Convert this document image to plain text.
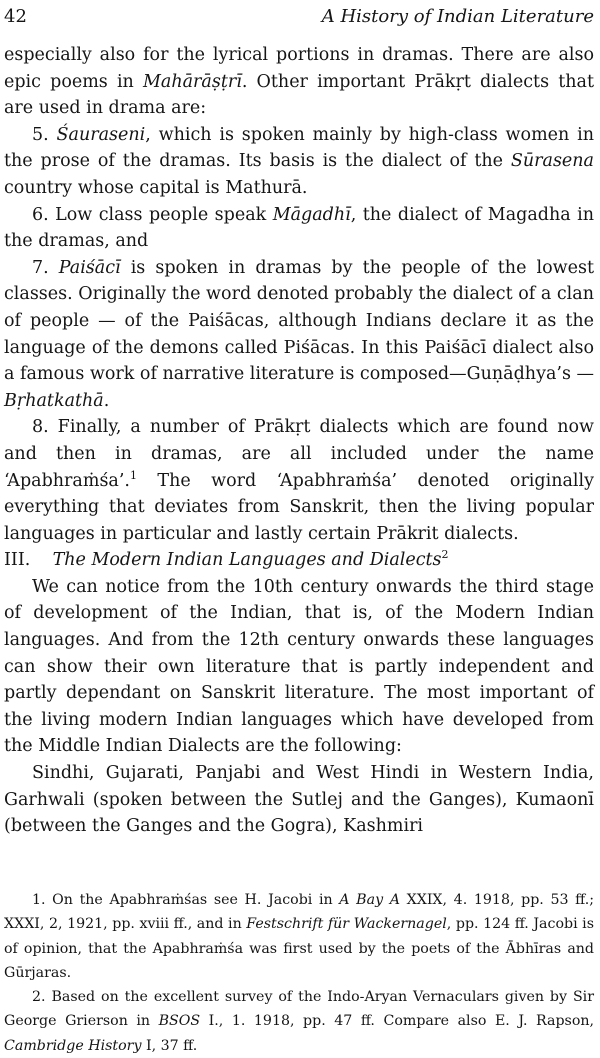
42	A History of Indian Literature

especially also for the lyrical portions in dramas. There are also epic poems in Mahārāṣṭrī. Other important Prākṛt dialects that are used in drama are:

5. Śauraseni, which is spoken mainly by high-class women in the prose of the dramas. Its basis is the dialect of the Sūrasena country whose capital is Mathurā.

6. Low class people speak Māgadhī, the dialect of Magadha in the dramas, and

7. Paiśācī is spoken in dramas by the people of the lowest classes. Originally the word denoted probably the dialect of a clan of people — of the Paiśācas, although Indians declare it as the language of the demons called Piśācas. In this Paiśācī dialect also a famous work of narrative literature is composed—Guṇāḍhya’s — Bṛhatkathā.

8. Finally, a number of Prākṛt dialects which are found now and then in dramas, are all included under the name ‘Apabhraṁśa’.$^1$ The word ‘Apabhraṁśa’ denoted originally everything that deviates from Sanskrit, then the living popular languages in particular and lastly certain Prākrit dialects.

III. The Modern Indian Languages and Dialects$^2$

We can notice from the 10th century onwards the third stage of development of the Indian, that is, of the Modern Indian languages. And from the 12th century onwards these languages can show their own literature that is partly independent and partly dependant on Sanskrit literature. The most important of the living modern Indian languages which have developed from the Middle Indian Dialects are the following:

Sindhi, Gujarati, Panjabi and West Hindi in Western India, Garhwali (spoken between the Sutlej and the Ganges), Kumaonī (between the Ganges and the Gogra), Kashmiri

1. On the Apabhraṁśas see H. Jacobi in A Bay A XXIX, 4. 1918, pp. 53 ff.; XXXI, 2, 1921, pp. xviii ff., and in Festschrift für Wackernagel, pp. 124 ff. Jacobi is of opinion, that the Apabhraṁśa was first used by the poets of the Ābhīras and Gūrjaras.

2. Based on the excellent survey of the Indo-Aryan Vernaculars given by Sir George Grierson in BSOS I., 1. 1918, pp. 47 ff. Compare also E. J. Rapson, Cambridge History I, 37 ff.
